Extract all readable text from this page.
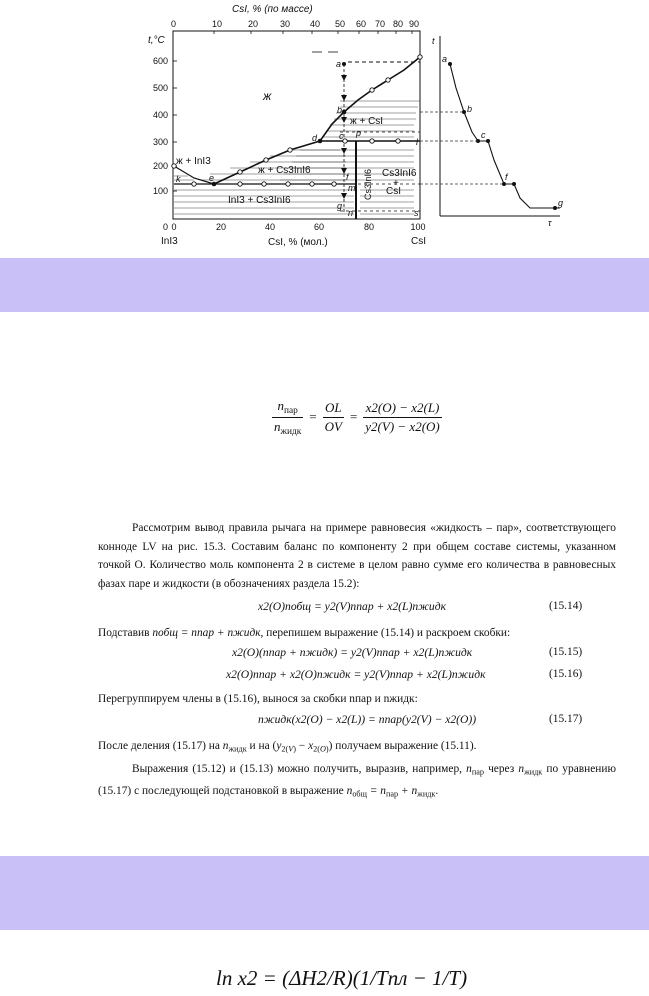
CsI, % (по массе)
0	10	20 30 40 50 60 70 80 90
t,°C
600
500
400
300
200
100
0 0	20	40	60	80	100
CsI, % (мол.)
InI3	CsI
ж
ж + InI3
ж + CsI
ж + Cs3InI6
InI3 + Cs3InI6
Cs3InI6 Cs3InI6
+
CsI
a
b
c
d
e	f
g
k
l
m
n
p
s
t
τ
a
b
c
f
g
$\frac{n_{пар}}{n_{жидк}} = \frac{OL}{OV} = \frac{x2(O) - x2(L)}{y2(V) - x2(O)}$
Рассмотрим вывод правила рычага на примере равновесия «жидкость – пар», соответствующего конноде LV на рис. 15.3. Составим баланс по компоненту 2 при общем составе системы, указанном точкой O. Количество моль компонента 2 в системе в целом равно сумме его количества в равновесных фазах паре и жидкости (в обозначениях раздела 15.2):
x2(O)nобщ = y2(V)nпар + x2(L)nжидк	(15.14)
Подставив nобщ = nпар + nжидк, перепишем выражение (15.14) и раскроем скобки:
x2(O)(nпар + nжидк) = y2(V)nпар + x2(L)nжидк	(15.15)
x2(O)nпар + x2(O)nжидк = y2(V)nпар + x2(L)nжидк	(15.16)
Перегруппируем члены в (15.16), вынося за скобки nпар и nжидк:
nжидк(x2(O) − x2(L)) = nпар(y2(V) − x2(O))	(15.17)
После деления (15.17) на $n_{жидк}$ и на $(y_{2(V)} - x_{2(O)})$ получаем выражение (15.11).
Выражения (15.12) и (15.13) можно получить, выразив, например, $n_{пар}$ через $n_{жидк}$ по уравнению (15.17) с последующей подстановкой в выражение $n_{общ} = n_{пар} + n_{жидк}$.
ln x2 = (ΔH2/R)(1/Tпл − 1/T)
